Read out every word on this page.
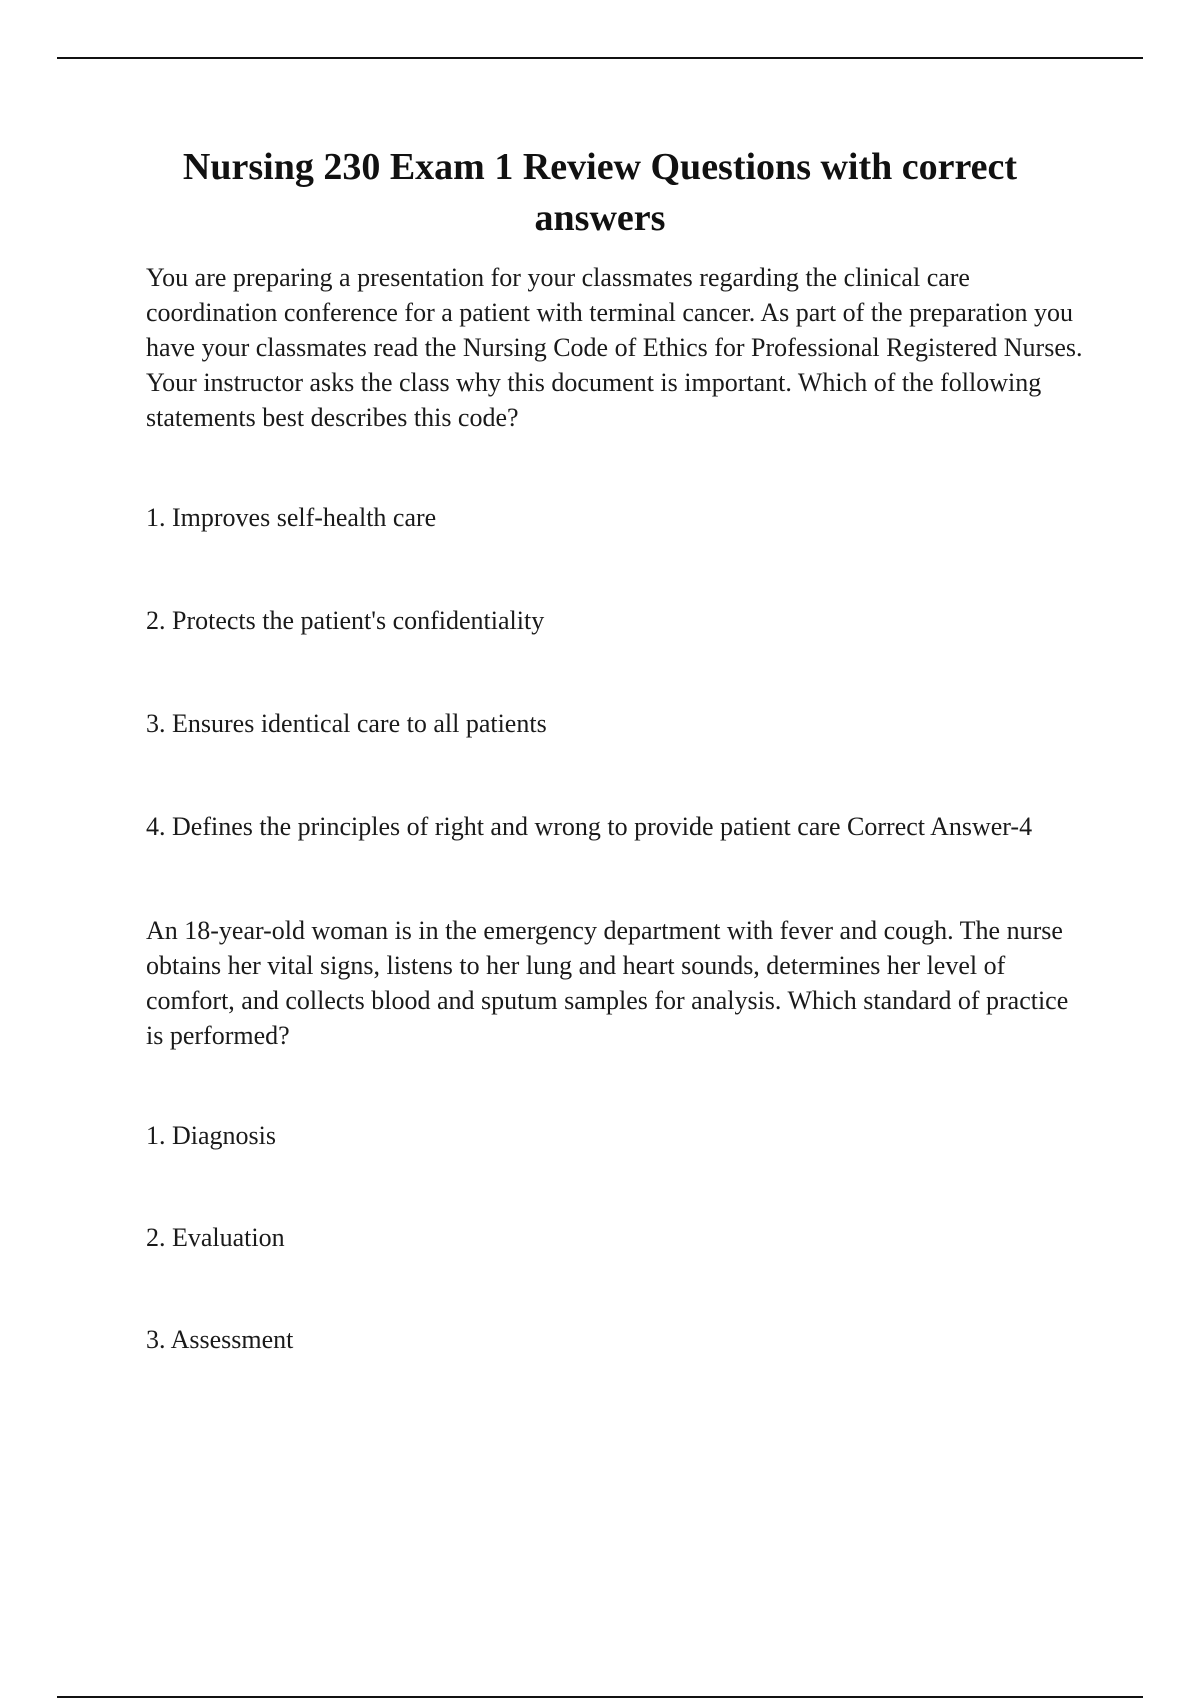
Nursing 230 Exam 1 Review Questions with correct answers

You are preparing a presentation for your classmates regarding the clinical care coordination conference for a patient with terminal cancer. As part of the preparation you have your classmates read the Nursing Code of Ethics for Professional Registered Nurses. Your instructor asks the class why this document is important. Which of the following statements best describes this code?

1. Improves self-health care
2. Protects the patient's confidentiality
3. Ensures identical care to all patients
4. Defines the principles of right and wrong to provide patient care Correct Answer-4

An 18-year-old woman is in the emergency department with fever and cough. The nurse obtains her vital signs, listens to her lung and heart sounds, determines her level of comfort, and collects blood and sputum samples for analysis. Which standard of practice is performed?

1. Diagnosis
2. Evaluation
3. Assessment
